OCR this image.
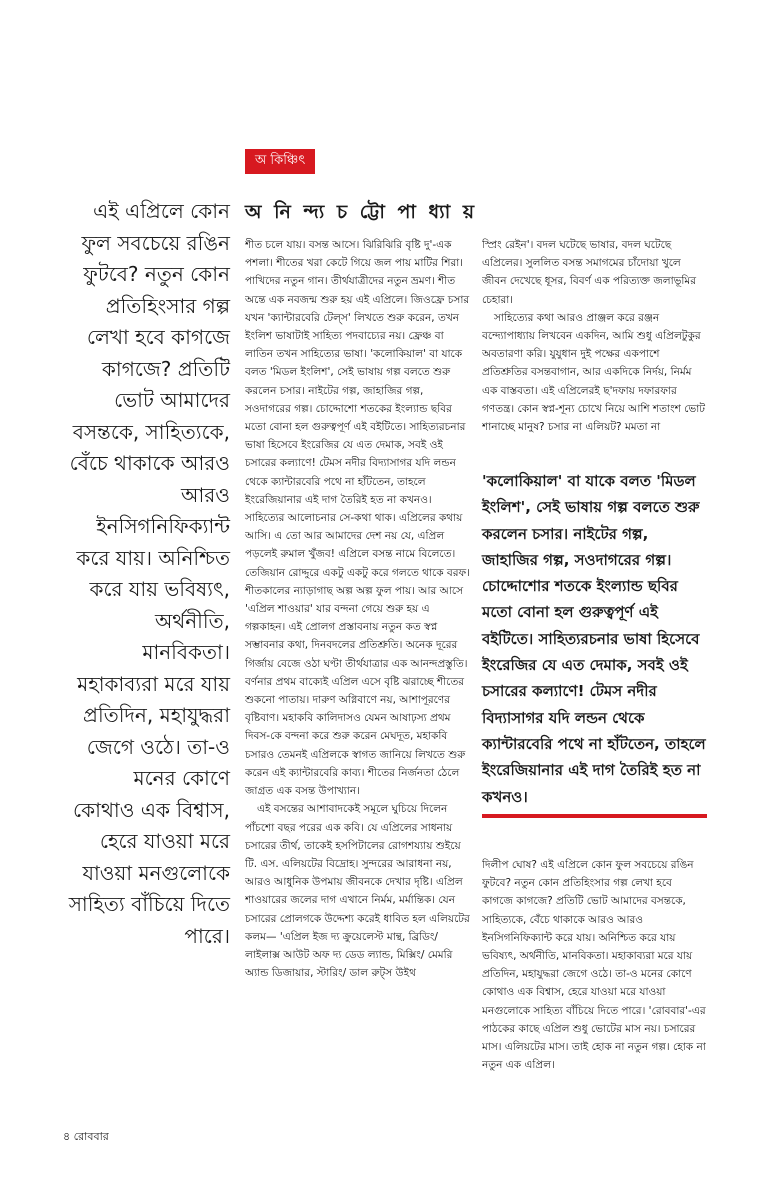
অ কিঞ্চিৎ
অ নি ন্দ্য চ ট্টো পা ধ্যা য়

এই এপ্রিলে কোন ফুল সবচেয়ে রঙিন ফুটবে? নতুন কোন প্রতিহিংসার গল্প লেখা হবে কাগজে কাগজে? প্রতিটি ভোট আমাদের বসন্তকে, সাহিত্যকে, বেঁচে থাকাকে আরও আরও ইনসিগনিফিক্যান্ট করে যায়। অনিশ্চিত করে যায় ভবিষ্যৎ, অর্থনীতি, মানবিকতা। মহাকাব্যরা মরে যায় প্রতিদিন, মহাযুদ্ধরা জেগে ওঠে। তা-ও মনের কোণে কোথাও এক বিশ্বাস, হেরে যাওয়া মরে যাওয়া মনগুলোকে সাহিত্য বাঁচিয়ে দিতে পারে।

শীত চলে যায়। বসন্ত আসে। ঝিরিঝিরি বৃষ্টি দু'-এক পশলা। শীতের খরা কেটে গিয়ে জল পায় মাটির শিরা। পাখিদের নতুন গান। তীর্থযাত্রীদের নতুন ভ্রমণ। শীত অন্তে এক নবজন্ম শুরু হয় এই এপ্রিলে। জিওফ্রে চসার যখন 'ক্যান্টারবেরি টেল্‌স' লিখতে শুরু করেন, তখন ইংলিশ ভাষাটাই সাহিত্য পদবাচ্যের নয়। ফ্রেঞ্চ বা লাতিন তখন সাহিত্যের ভাষা। 'কলোকিয়াল' বা যাকে বলত 'মিডল ইংলিশ', সেই ভাষায় গল্প বলতে শুরু করলেন চসার। নাইটের গল্প, জাহাজির গল্প, সওদাগরের গল্প। চোদ্দোশো শতকের ইংল্যান্ড ছবির মতো বোনা হল গুরুত্বপূর্ণ এই বইটিতে। সাহিত্যরচনার ভাষা হিসেবে ইংরেজির যে এত দেমাক, সবই ওই চসারের কল্যাণে! টেমস নদীর বিদ্যাসাগর যদি লন্ডন থেকে ক্যান্টারবেরি পথে না হাঁটতেন, তাহলে ইংরেজিয়ানার এই দাগ তৈরিই হত না কখনও। সাহিত্যের আলোচনার সে-কথা থাক। এপ্রিলের কথায় আসি। এ তো আর আমাদের দেশ নয় যে, এপ্রিল পড়লেই রুমাল খুঁজব! এপ্রিলে বসন্ত নামে বিলেতে। তেজিয়ান রোদ্দুরে একটু একটু করে গলতে থাকে বরফ। শীতকালের ন্যাড়াগাছ অল্প অল্প ফুল পায়। আর আসে 'এপ্রিল শাওয়ার' যার বন্দনা গেয়ে শুরু হয় এ গল্পকাহন। এই প্রোলগ প্রস্তাবনায় নতুন কত স্বপ্ন সম্ভাবনার কথা, দিনবদলের প্রতিশ্রুতি। অনেক দূরের গির্জায় বেজে ওঠা ঘণ্টা তীর্থযাত্রার এক আনন্দপ্রস্তুতি। বর্ণনার প্রথম বাক্যেই এপ্রিল এসে বৃষ্টি ঝরাচ্ছে শীতের শুকনো পাতায়। দারুণ অগ্নিবাণে নয়, আশাপূরণের বৃষ্টিবাণ। মহাকবি কালিদাসও যেমন আষাঢ়স্য প্রথম দিবস-কে বন্দনা করে শুরু করেন মেঘদূত, মহাকবি চসারও তেমনই এপ্রিলকে স্বাগত জানিয়ে লিখতে শুরু করেন এই ক্যান্টারবেরি কাব্য। শীতের নির্জনতা ঠেলে জাগ্রত এক বসন্ত উপাখ্যান।

এই বসন্তের আশাবাদকেই সমূলে ঘুচিয়ে দিলেন পাঁচশো বছর পরের এক কবি। যে এপ্রিলের সাধনায় চসারের তীর্থ, তাকেই হসপিটালের রোগশয্যায় শুইয়ে টি. এস. এলিয়টের বিদ্রোহ। সুন্দরের আরাধনা নয়, আরও আধুনিক উপমায় জীবনকে দেখার দৃষ্টি। এপ্রিল শাওয়ারের জলের দাগ এখানে নির্মম, মর্মান্তিক। যেন চসারের প্রোলগকে উদ্দেশ্য করেই ধাবিত হল এলিয়টের কলম— 'এপ্রিল ইজ দ্য ক্রুয়েলেস্ট মান্থ, ব্রিডিং/ লাইলাক্স আউট অফ দ্য ডেড ল্যান্ড, মিক্সিং/ মেমরি অ্যান্ড ডিজায়ার, স্টারিং/ ডাল রুট্‌স উইথ

স্প্রিং রেইন'। বদল ঘটেছে ভাষার, বদল ঘটেছে এপ্রিলের। সুললিত বসন্ত সমাগমের চাঁদোয়া খুলে জীবন দেখেছে ধূসর, বিবর্ণ এক পরিত্যক্ত জলাভূমির চেহারা।

সাহিত্যের কথা আরও প্রাঞ্জল করে রঞ্জন বন্দ্যোপাধ্যায় লিখবেন একদিন, আমি শুধু এপ্রিলটুকুর অবতারণা করি। যুযুধান দুই পক্ষের একপাশে প্রতিশ্রুতির বসন্তবাগান, আর একদিকে নির্দয়, নির্মম এক বাস্তবতা। এই এপ্রিলেরই ছ'দফায় দফারফার গণতন্ত্র। কোন স্বপ্ন-শূন্য চোখে নিয়ে আশি শতাংশ ভোট শানাচ্ছে মানুষ? চসার না এলিয়ট? মমতা না

'কলোকিয়াল' বা যাকে বলত 'মিডল ইংলিশ', সেই ভাষায় গল্প বলতে শুরু করলেন চসার। নাইটের গল্প, জাহাজির গল্প, সওদাগরের গল্প। চোদ্দোশোর শতকে ইংল্যান্ড ছবির মতো বোনা হল গুরুত্বপূর্ণ এই বইটিতে। সাহিত্যরচনার ভাষা হিসেবে ইংরেজির যে এত দেমাক, সবই ওই চসারের কল্যাণে! টেমস নদীর বিদ্যাসাগর যদি লন্ডন থেকে ক্যান্টারবেরি পথে না হাঁটতেন, তাহলে ইংরেজিয়ানার এই দাগ তৈরিই হত না কখনও।

দিলীপ ঘোষ? এই এপ্রিলে কোন ফুল সবচেয়ে রঙিন ফুটবে? নতুন কোন প্রতিহিংসার গল্প লেখা হবে কাগজে কাগজে? প্রতিটি ভোট আমাদের বসন্তকে, সাহিত্যকে, বেঁচে থাকাকে আরও আরও ইনসিগনিফিক্যান্ট করে যায়। অনিশ্চিত করে যায় ভবিষ্যৎ, অর্থনীতি, মানবিকতা। মহাকাব্যরা মরে যায় প্রতিদিন, মহাযুদ্ধরা জেগে ওঠে। তা-ও মনের কোণে কোথাও এক বিশ্বাস, হেরে যাওয়া মরে যাওয়া মনগুলোকে সাহিত্য বাঁচিয়ে দিতে পারে। 'রোববার'-এর পাঠকের কাছে এপ্রিল শুধু ভোটের মাস নয়। চসারের মাস। এলিয়টের মাস। তাই হোক না নতুন গল্প। হোক না নতুন এক এপ্রিল।

৪ রোববার
